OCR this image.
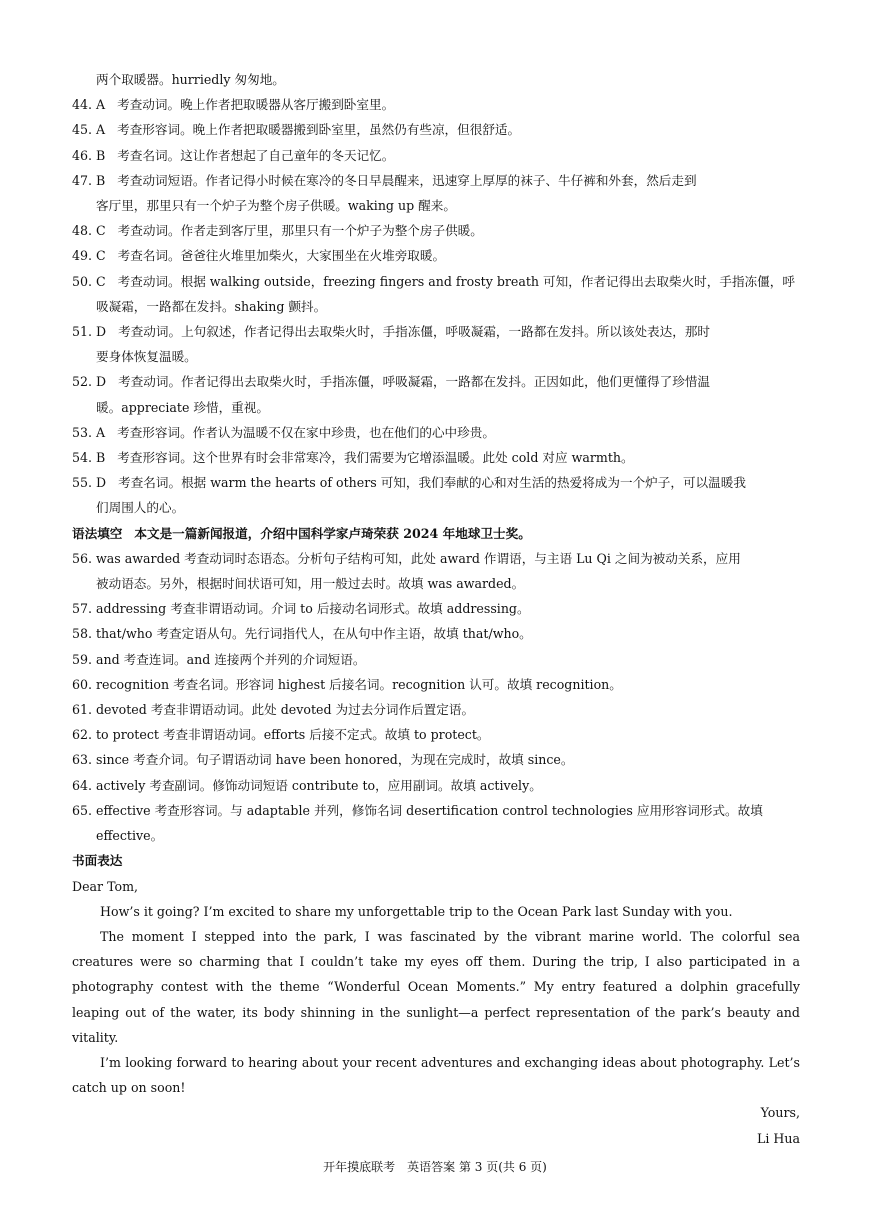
两个取暖器。hurriedly 匆匆地。
44. A 考查动词。晚上作者把取暖器从客厅搬到卧室里。
45. A 考查形容词。晚上作者把取暖器搬到卧室里，虽然仍有些凉，但很舒适。
46. B 考查名词。这让作者想起了自己童年的冬天记忆。
47. B 考查动词短语。作者记得小时候在寒冷的冬日早晨醒来，迅速穿上厚厚的袜子、牛仔裤和外套，然后走到
客厅里，那里只有一个炉子为整个房子供暖。waking up 醒来。
48. C 考查动词。作者走到客厅里，那里只有一个炉子为整个房子供暖。
49. C 考查名词。爸爸往火堆里加柴火，大家围坐在火堆旁取暖。
50. C 考查动词。根据 walking outside，freezing fingers and frosty breath 可知，作者记得出去取柴火时，手指冻僵，呼
吸凝霜，一路都在发抖。shaking 颤抖。
51. D 考查动词。上句叙述，作者记得出去取柴火时，手指冻僵，呼吸凝霜，一路都在发抖。所以该处表达，那时
要身体恢复温暖。
52. D 考查动词。作者记得出去取柴火时，手指冻僵，呼吸凝霜，一路都在发抖。正因如此，他们更懂得了珍惜温
暖。appreciate 珍惜，重视。
53. A 考查形容词。作者认为温暖不仅在家中珍贵，也在他们的心中珍贵。
54. B 考查形容词。这个世界有时会非常寒冷，我们需要为它增添温暖。此处 cold 对应 warmth。
55. D 考查名词。根据 warm the hearts of others 可知，我们奉献的心和对生活的热爱将成为一个炉子，可以温暖我
们周围人的心。
语法填空 本文是一篇新闻报道，介绍中国科学家卢琦荣获 2024 年地球卫士奖。
56. was awarded 考查动词时态语态。分析句子结构可知，此处 award 作谓语，与主语 Lu Qi 之间为被动关系，应用
被动语态。另外，根据时间状语可知，用一般过去时。故填 was awarded。
57. addressing 考查非谓语动词。介词 to 后接动名词形式。故填 addressing。
58. that/who 考查定语从句。先行词指代人，在从句中作主语，故填 that/who。
59. and 考查连词。and 连接两个并列的介词短语。
60. recognition 考查名词。形容词 highest 后接名词。recognition 认可。故填 recognition。
61. devoted 考查非谓语动词。此处 devoted 为过去分词作后置定语。
62. to protect 考查非谓语动词。efforts 后接不定式。故填 to protect。
63. since 考查介词。句子谓语动词 have been honored，为现在完成时，故填 since。
64. actively 考查副词。修饰动词短语 contribute to，应用副词。故填 actively。
65. effective 考查形容词。与 adaptable 并列，修饰名词 desertification control technologies 应用形容词形式。故填
effective。
书面表达
Dear Tom,
How’s it going? I’m excited to share my unforgettable trip to the Ocean Park last Sunday with you.
The moment I stepped into the park, I was fascinated by the vibrant marine world. The colorful sea creatures were so charming that I couldn’t take my eyes off them. During the trip, I also participated in a photography contest with the theme “Wonderful Ocean Moments.” My entry featured a dolphin gracefully leaping out of the water, its body shinning in the sunlight—a perfect representation of the park’s beauty and vitality.
I’m looking forward to hearing about your recent adventures and exchanging ideas about photography. Let’s catch up on soon!
Yours,
Li Hua
开年摸底联考　英语答案 第 3 页(共 6 页)
